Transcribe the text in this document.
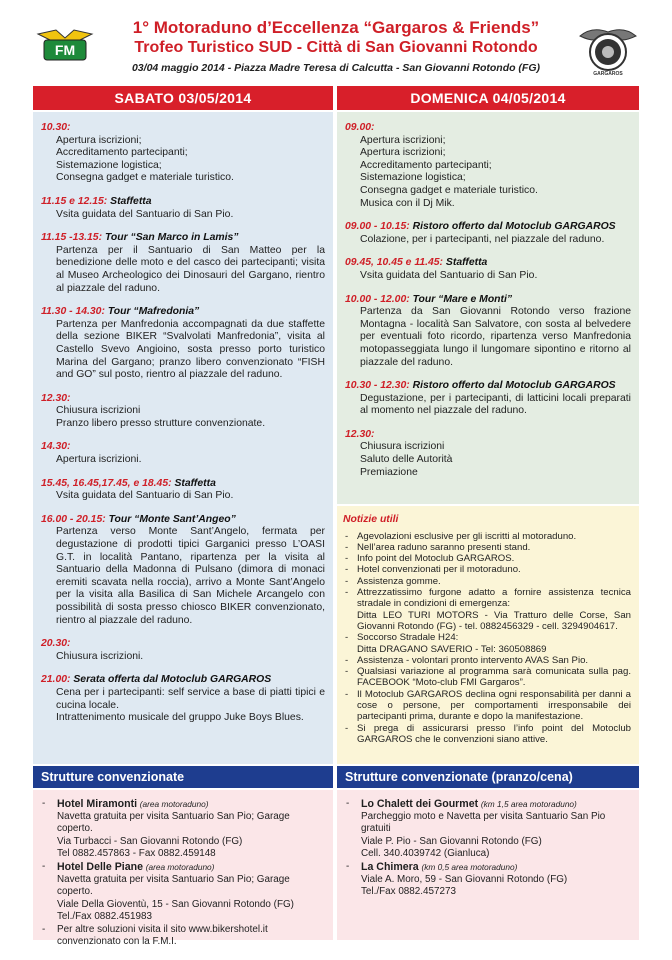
FM
GARGAROS
1° Motoraduno d’Eccellenza “Gargaros & Friends”
Trofeo Turistico SUD - Città di San Giovanni Rotondo
03/04 maggio 2014 - Piazza Madre Teresa di Calcutta - San Giovanni Rotondo (FG)
SABATO 03/05/2014	DOMENICA 04/05/2014
10.30:
Apertura iscrizioni;
Accreditamento partecipanti;
Sistemazione logistica;
Consegna gadget e materiale turistico.
11.15 e 12.15: Staffetta
Vsita guidata del Santuario di San Pio.
11.15 -13.15: Tour “San Marco in Lamis”
Partenza per il Santuario di San Matteo per la benedizione delle moto e del casco dei partecipanti; visita al Museo Archeologico dei Dinosauri del Gargano, rientro al piazzale del raduno.
11.30 - 14.30: Tour “Mafredonia”
Partenza per Manfredonia accompagnati da due staffette della sezione BIKER “Svalvolati Manfredonia”, visita al Castello Svevo Angioino, sosta presso porto turistico Marina del Gargano; pranzo libero convenzionato “FISH and GO” sul posto, rientro al piazzale del raduno.
12.30:
Chiusura iscrizioni
Pranzo libero presso strutture convenzionate.
14.30:
Apertura iscrizioni.
15.45, 16.45,17.45, e 18.45: Staffetta
Vsita guidata del Santuario di San Pio.
16.00 - 20.15: Tour “Monte Sant’Angeo”
Partenza verso Monte Sant’Angelo, fermata per degustazione di prodotti tipici Garganici presso L’OASI G.T. in località Pantano, ripartenza per la visita al Santuario della Madonna di Pulsano (dimora di monaci eremiti scavata nella roccia), arrivo a Monte Sant’Angelo per la visita alla Basilica di San Michele Arcangelo con possibilità di sosta presso chiosco BIKER convenzionato, rientro al piazzale del raduno.
20.30:
Chiusura iscrizioni.
21.00: Serata offerta dal Motoclub GARGAROS
Cena per i partecipanti: self service a base di piatti tipici e cucina locale.
Intrattenimento musicale del gruppo Juke Boys Blues.
09.00:
Apertura iscrizioni;
Apertura iscrizioni;
Accreditamento partecipanti;
Sistemazione logistica;
Consegna gadget e materiale turistico.
Musica con il Dj Mik.
09.00 - 10.15: Ristoro offerto dal Motoclub GARGAROS
Colazione, per i partecipanti, nel piazzale del raduno.
09.45, 10.45 e 11.45: Staffetta
Vsita guidata del Santuario di San Pio.
10.00 - 12.00: Tour “Mare e Monti”
Partenza da San Giovanni Rotondo verso frazione Montagna - località San Salvatore, con sosta al belvedere per eventuali foto ricordo, ripartenza verso Manfredonia motopasseggiata lungo il lungomare sipontino e ritorno al piazzale del raduno.
10.30 - 12.30: Ristoro offerto dal Motoclub GARGAROS
Degustazione, per i partecipanti, di latticini locali preparati al momento nel piazzale del raduno.
12.30:
Chiusura iscrizioni
Saluto delle Autorità
Premiazione
Notizie utili
- Agevolazioni esclusive per gli iscritti al motoraduno.
- Nell’area raduno saranno presenti stand.
- Info point del Motoclub GARGAROS.
- Hotel convenzionati per il motoraduno.
- Assistenza gomme.
- Attrezzatissimo furgone adatto a fornire assistenza tecnica stradale in condizioni di emergenza:
Ditta LEO TURI MOTORS - Via Tratturo delle Corse, San Giovanni Rotondo (FG) - tel. 0882456329 - cell. 3294904617.
- Soccorso Stradale H24:
Ditta DRAGANO SAVERIO - Tel: 360508869
- Assistenza - volontari pronto intervento AVAS San Pio.
- Qualsiasi variazione al programma sarà comunicata sulla pag. FACEBOOK “Moto-club FMI Gargaros”.
- Il Motoclub GARGAROS declina ogni responsabilità per danni a cose o persone, per comportamenti irresponsabile dei partecipanti prima, durante e dopo la manifestazione.
- Si prega di assicurarsi presso l’info point del Motoclub GARGAROS che le convenzioni siano attive.
Strutture convenzionate	Strutture convenzionate (pranzo/cena)
- Hotel Miramonti (area motoraduno)
Navetta gratuita per visita Santuario San Pio; Garage coperto.
Via Turbacci - San Giovanni Rotondo (FG)
Tel 0882.457863 - Fax 0882.459148
- Hotel Delle Piane (area motoraduno)
Navetta gratuita per visita Santuario San Pio; Garage coperto.
Viale Della Gioventù, 15 - San Giovanni Rotondo (FG)
Tel./Fax 0882.451983
- Per altre soluzioni visita il sito www.bikershotel.it convenzionato con la F.M.I.
- Lo Chalett dei Gourmet (km 1,5 area motoraduno)
Parcheggio moto e Navetta per visita Santuario San Pio gratuiti
Viale P. Pio - San Giovanni Rotondo (FG)
Cell. 340.4039742 (Gianluca)
- La Chimera (km 0,5 area motoraduno)
Viale A. Moro, 59 - San Giovanni Rotondo (FG)
Tel./Fax 0882.457273
